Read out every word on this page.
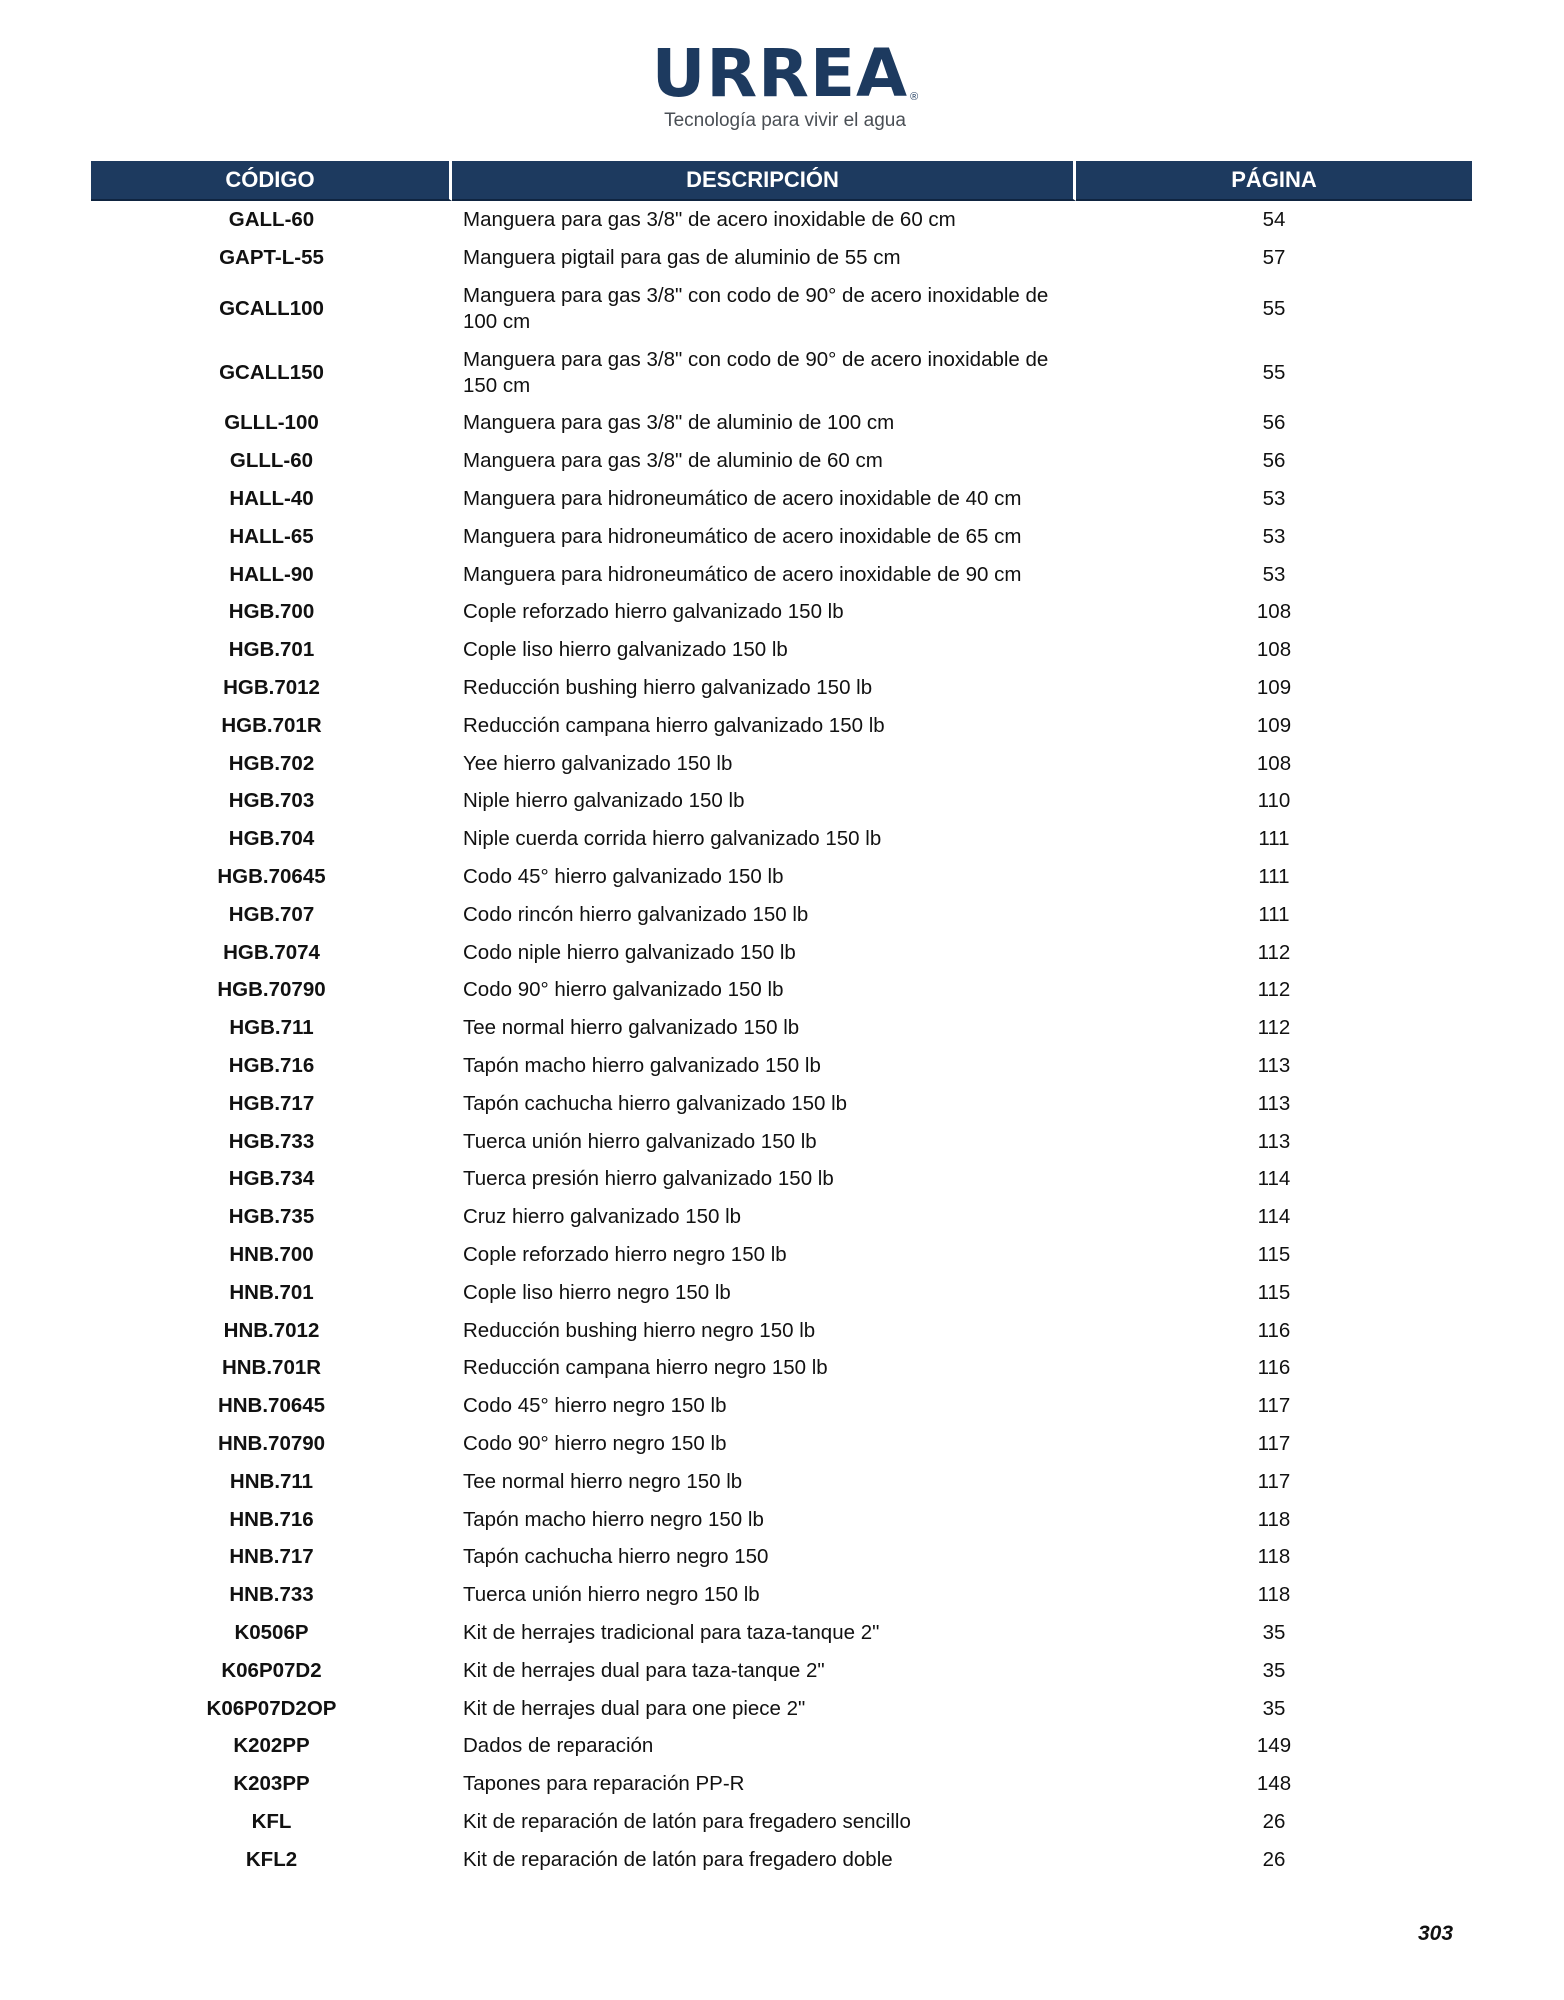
URREA ®
Tecnología para vivir el agua
CÓDIGO	DESCRIPCIÓN	PÁGINA
GALL-60	Manguera para gas 3/8" de acero inoxidable de 60 cm	54
GAPT-L-55	Manguera pigtail para gas de aluminio de 55 cm	57
GCALL100	Manguera para gas 3/8" con codo de 90° de acero inoxidable de 100 cm	55
GCALL150	Manguera para gas 3/8" con codo de 90° de acero inoxidable de 150 cm	55
GLLL-100	Manguera para gas 3/8" de aluminio de 100 cm	56
GLLL-60	Manguera para gas 3/8" de aluminio de 60 cm	56
HALL-40	Manguera para hidroneumático de acero inoxidable de 40 cm	53
HALL-65	Manguera para hidroneumático de acero inoxidable de 65 cm	53
HALL-90	Manguera para hidroneumático de acero inoxidable de 90 cm	53
HGB.700	Cople reforzado hierro galvanizado 150 lb	108
HGB.701	Cople liso hierro galvanizado 150 lb	108
HGB.7012	Reducción bushing hierro galvanizado 150 lb	109
HGB.701R	Reducción campana hierro galvanizado 150 lb	109
HGB.702	Yee hierro galvanizado 150 lb	108
HGB.703	Niple hierro galvanizado 150 lb	110
HGB.704	Niple cuerda corrida hierro galvanizado 150 lb	111
HGB.70645	Codo 45° hierro galvanizado 150 lb	111
HGB.707	Codo rincón hierro galvanizado 150 lb	111
HGB.7074	Codo niple hierro galvanizado 150 lb	112
HGB.70790	Codo 90° hierro galvanizado 150 lb	112
HGB.711	Tee normal hierro galvanizado 150 lb	112
HGB.716	Tapón macho hierro galvanizado 150 lb	113
HGB.717	Tapón cachucha hierro galvanizado 150 lb	113
HGB.733	Tuerca unión hierro galvanizado 150 lb	113
HGB.734	Tuerca presión hierro galvanizado 150 lb	114
HGB.735	Cruz hierro galvanizado 150 lb	114
HNB.700	Cople reforzado hierro negro 150 lb	115
HNB.701	Cople liso hierro negro 150 lb	115
HNB.7012	Reducción bushing hierro negro 150 lb	116
HNB.701R	Reducción campana hierro negro 150 lb	116
HNB.70645	Codo 45° hierro negro 150 lb	117
HNB.70790	Codo 90° hierro negro 150 lb	117
HNB.711	Tee normal hierro negro 150 lb	117
HNB.716	Tapón macho hierro negro 150 lb	118
HNB.717	Tapón cachucha hierro negro 150	118
HNB.733	Tuerca unión hierro negro 150 lb	118
K0506P	Kit de herrajes tradicional para taza-tanque 2"	35
K06P07D2	Kit de herrajes dual para taza-tanque 2"	35
K06P07D2OP	Kit de herrajes dual para one piece 2"	35
K202PP	Dados de reparación	149
K203PP	Tapones para reparación PP-R	148
KFL	Kit de reparación de latón para fregadero sencillo	26
KFL2	Kit de reparación de latón para fregadero doble	26
303
